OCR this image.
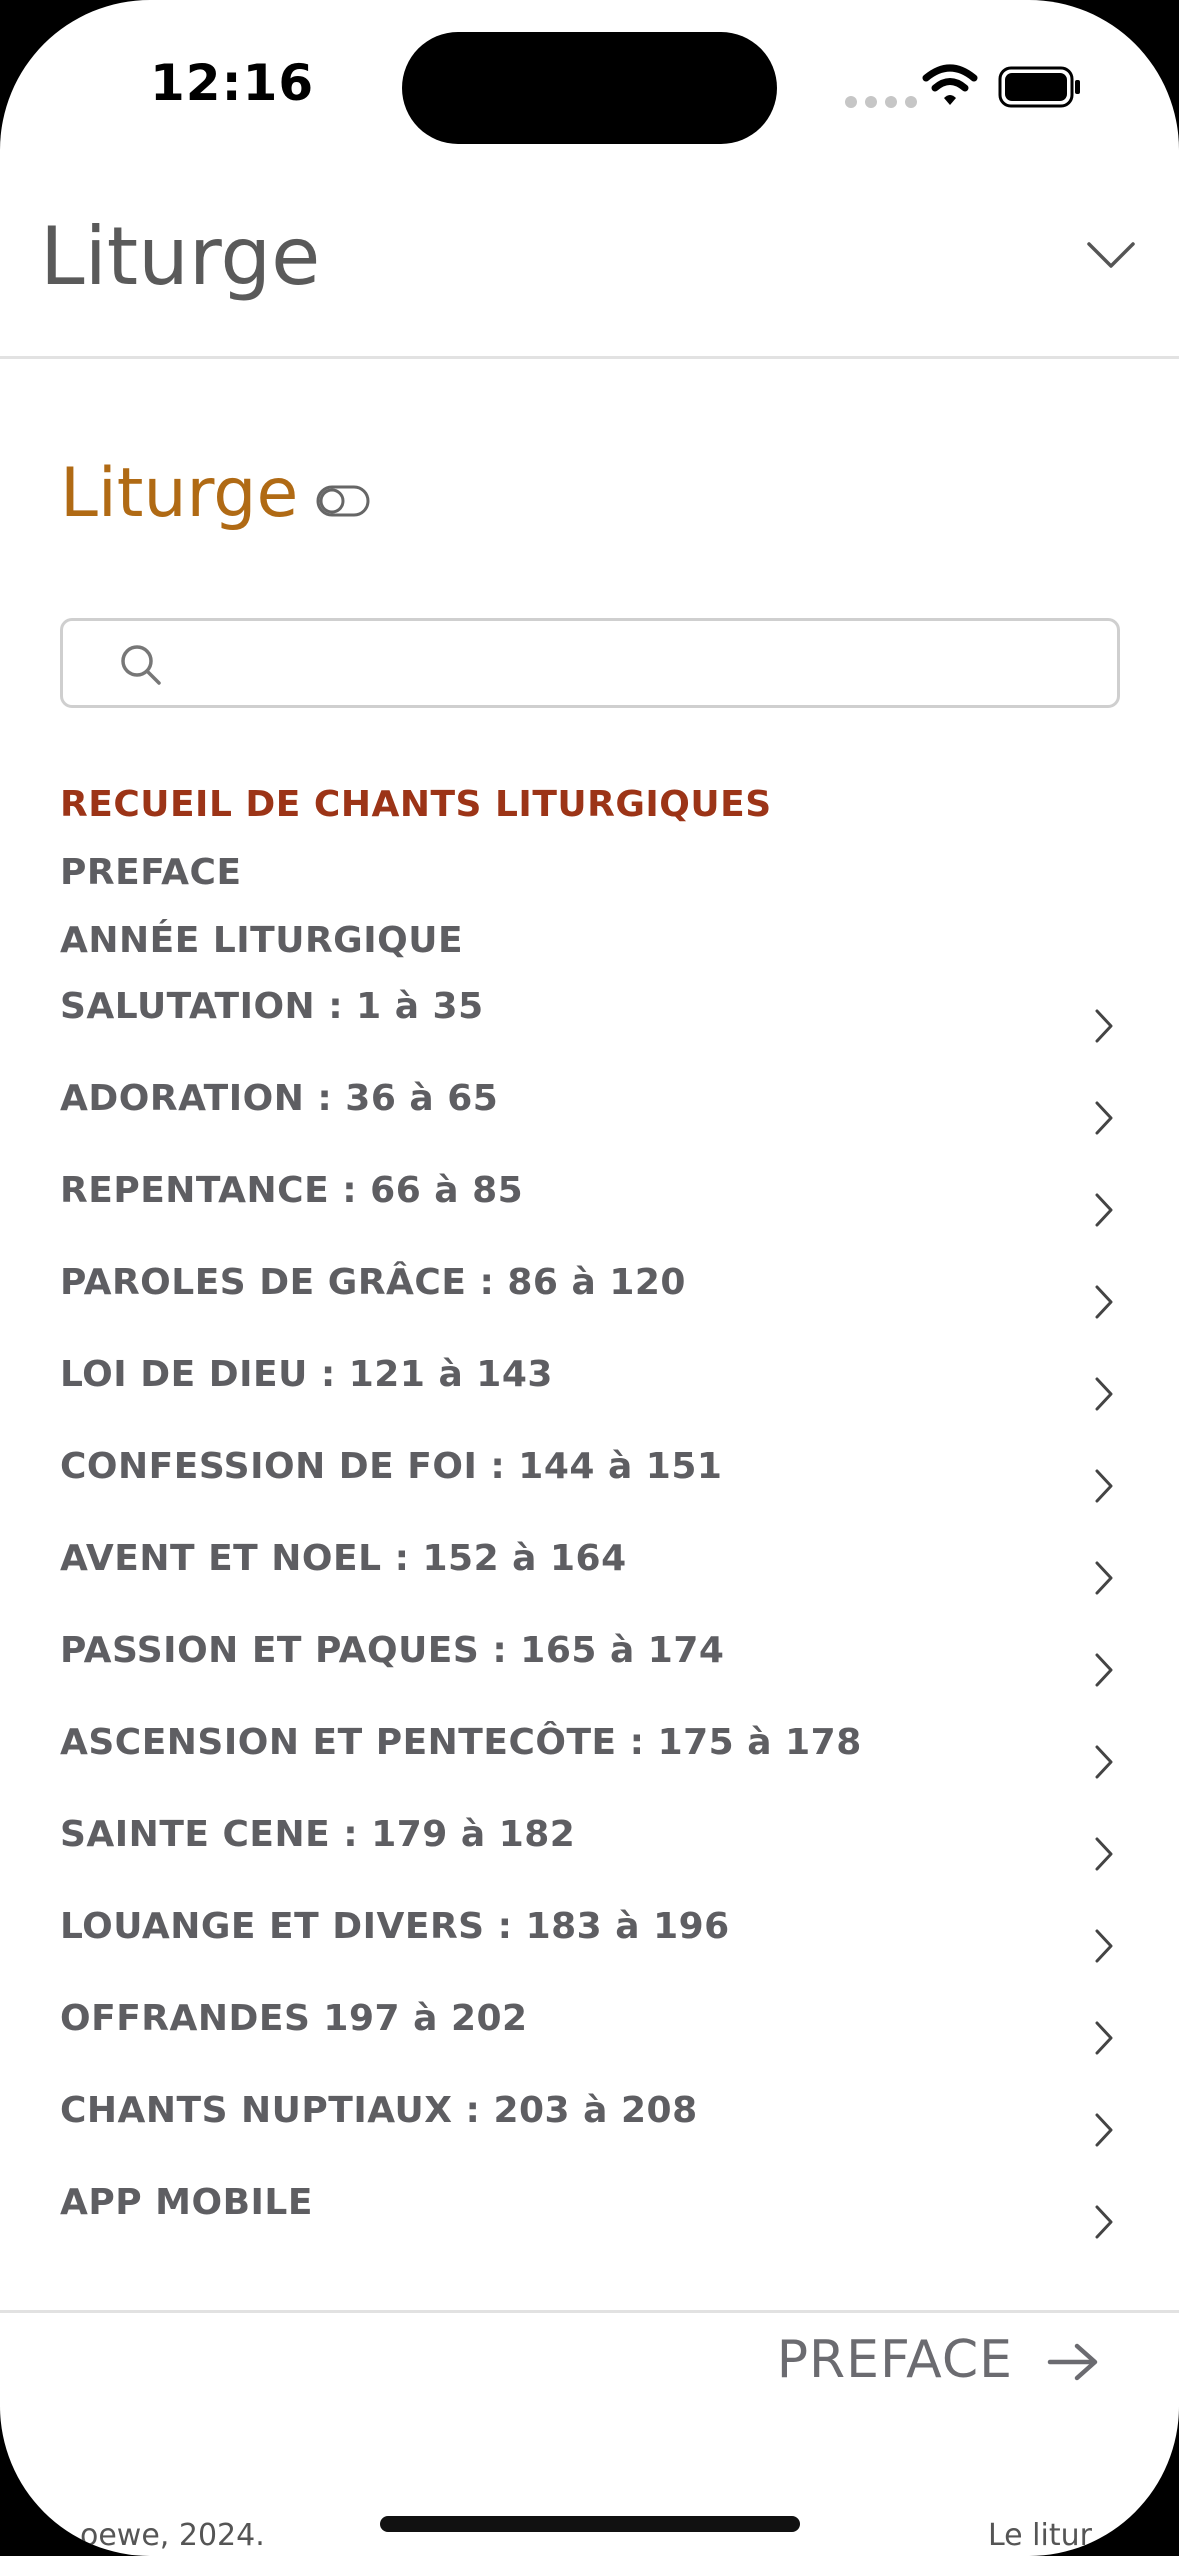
12:16
Liturge
Liturge
RECUEIL DE CHANTS LITURGIQUES
PREFACE
ANNÉE LITURGIQUE
SALUTATION : 1 à 35
ADORATION : 36 à 65
REPENTANCE : 66 à 85
PAROLES DE GRÂCE : 86 à 120
LOI DE DIEU : 121 à 143
CONFESSION DE FOI : 144 à 151
AVENT ET NOEL : 152 à 164
PASSION ET PAQUES : 165 à 174
ASCENSION ET PENTECÔTE : 175 à 178
SAINTE CENE : 179 à 182
LOUANGE ET DIVERS : 183 à 196
OFFRANDES 197 à 202
CHANTS NUPTIAUX : 203 à 208
APP MOBILE
PREFACE
oewe, 2024.	Le litur
